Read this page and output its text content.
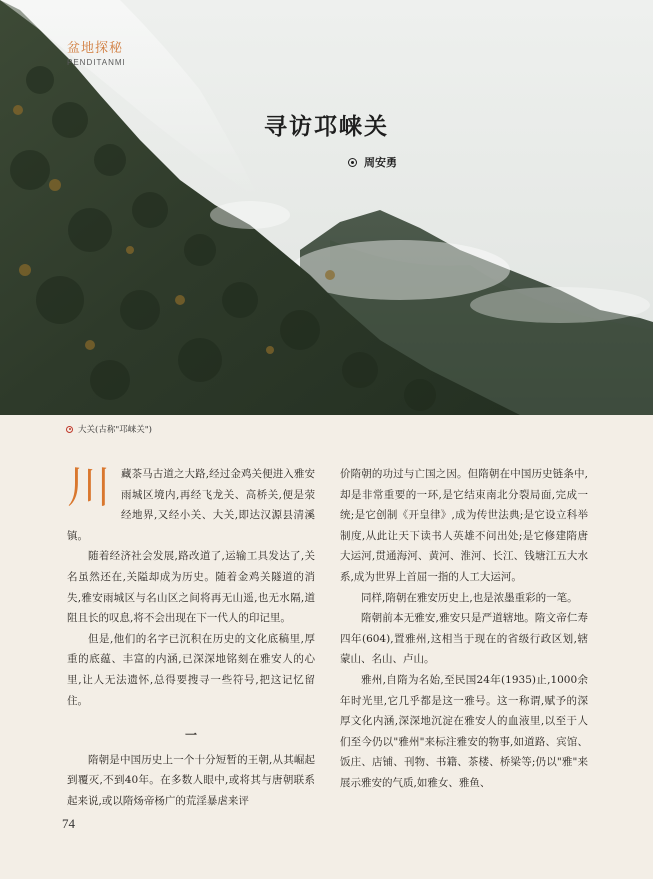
盆地探秘
PENDITANMI
寻访邛崃关
周安勇
大关(古称"邛崃关")

川藏茶马古道之大路,经过金鸡关便进入雅安雨城区境内,再经飞龙关、高桥关,便是荥经地界,又经小关、大关,即达汉源县清溪镇。

随着经济社会发展,路改道了,运输工具发达了,关名虽然还在,关隘却成为历史。随着金鸡关隧道的消失,雅安雨城区与名山区之间将再无山遥,也无水隔,道阻且长的叹息,将不会出现在下一代人的印记里。

但是,他们的名字已沉积在历史的文化底稿里,厚重的底蕴、丰富的内涵,已深深地铭刻在雅安人的心里,让人无法遗怀,总得要搜寻一些符号,把这记忆留住。

一

隋朝是中国历史上一个十分短暂的王朝,从其崛起到覆灭,不到40年。在多数人眼中,或将其与唐朝联系起来说,或以隋炀帝杨广的荒淫暴虐来评

价隋朝的功过与亡国之因。但隋朝在中国历史链条中,却是非常重要的一环,是它结束南北分裂局面,完成一统;是它创制《开皇律》,成为传世法典;是它设立科举制度,从此让天下读书人英雄不问出处;是它修建隋唐大运河,贯通海河、黄河、淮河、长江、钱塘江五大水系,成为世界上首屈一指的人工大运河。

同样,隋朝在雅安历史上,也是浓墨重彩的一笔。

隋朝前本无雅安,雅安只是严道辖地。隋文帝仁寿四年(604),置雅州,这相当于现在的省级行政区划,辖蒙山、名山、卢山。

雅州,自隋为名始,至民国24年(1935)止,1000余年时光里,它几乎都是这一雅号。这一称谓,赋予的深厚文化内涵,深深地沉淀在雅安人的血液里,以至于人们至今仍以"雅州"来标注雅安的物事,如道路、宾馆、饭庄、店铺、刊物、书籍、茶楼、桥梁等;仍以"雅"来展示雅安的气质,如雅女、雅鱼、

74
